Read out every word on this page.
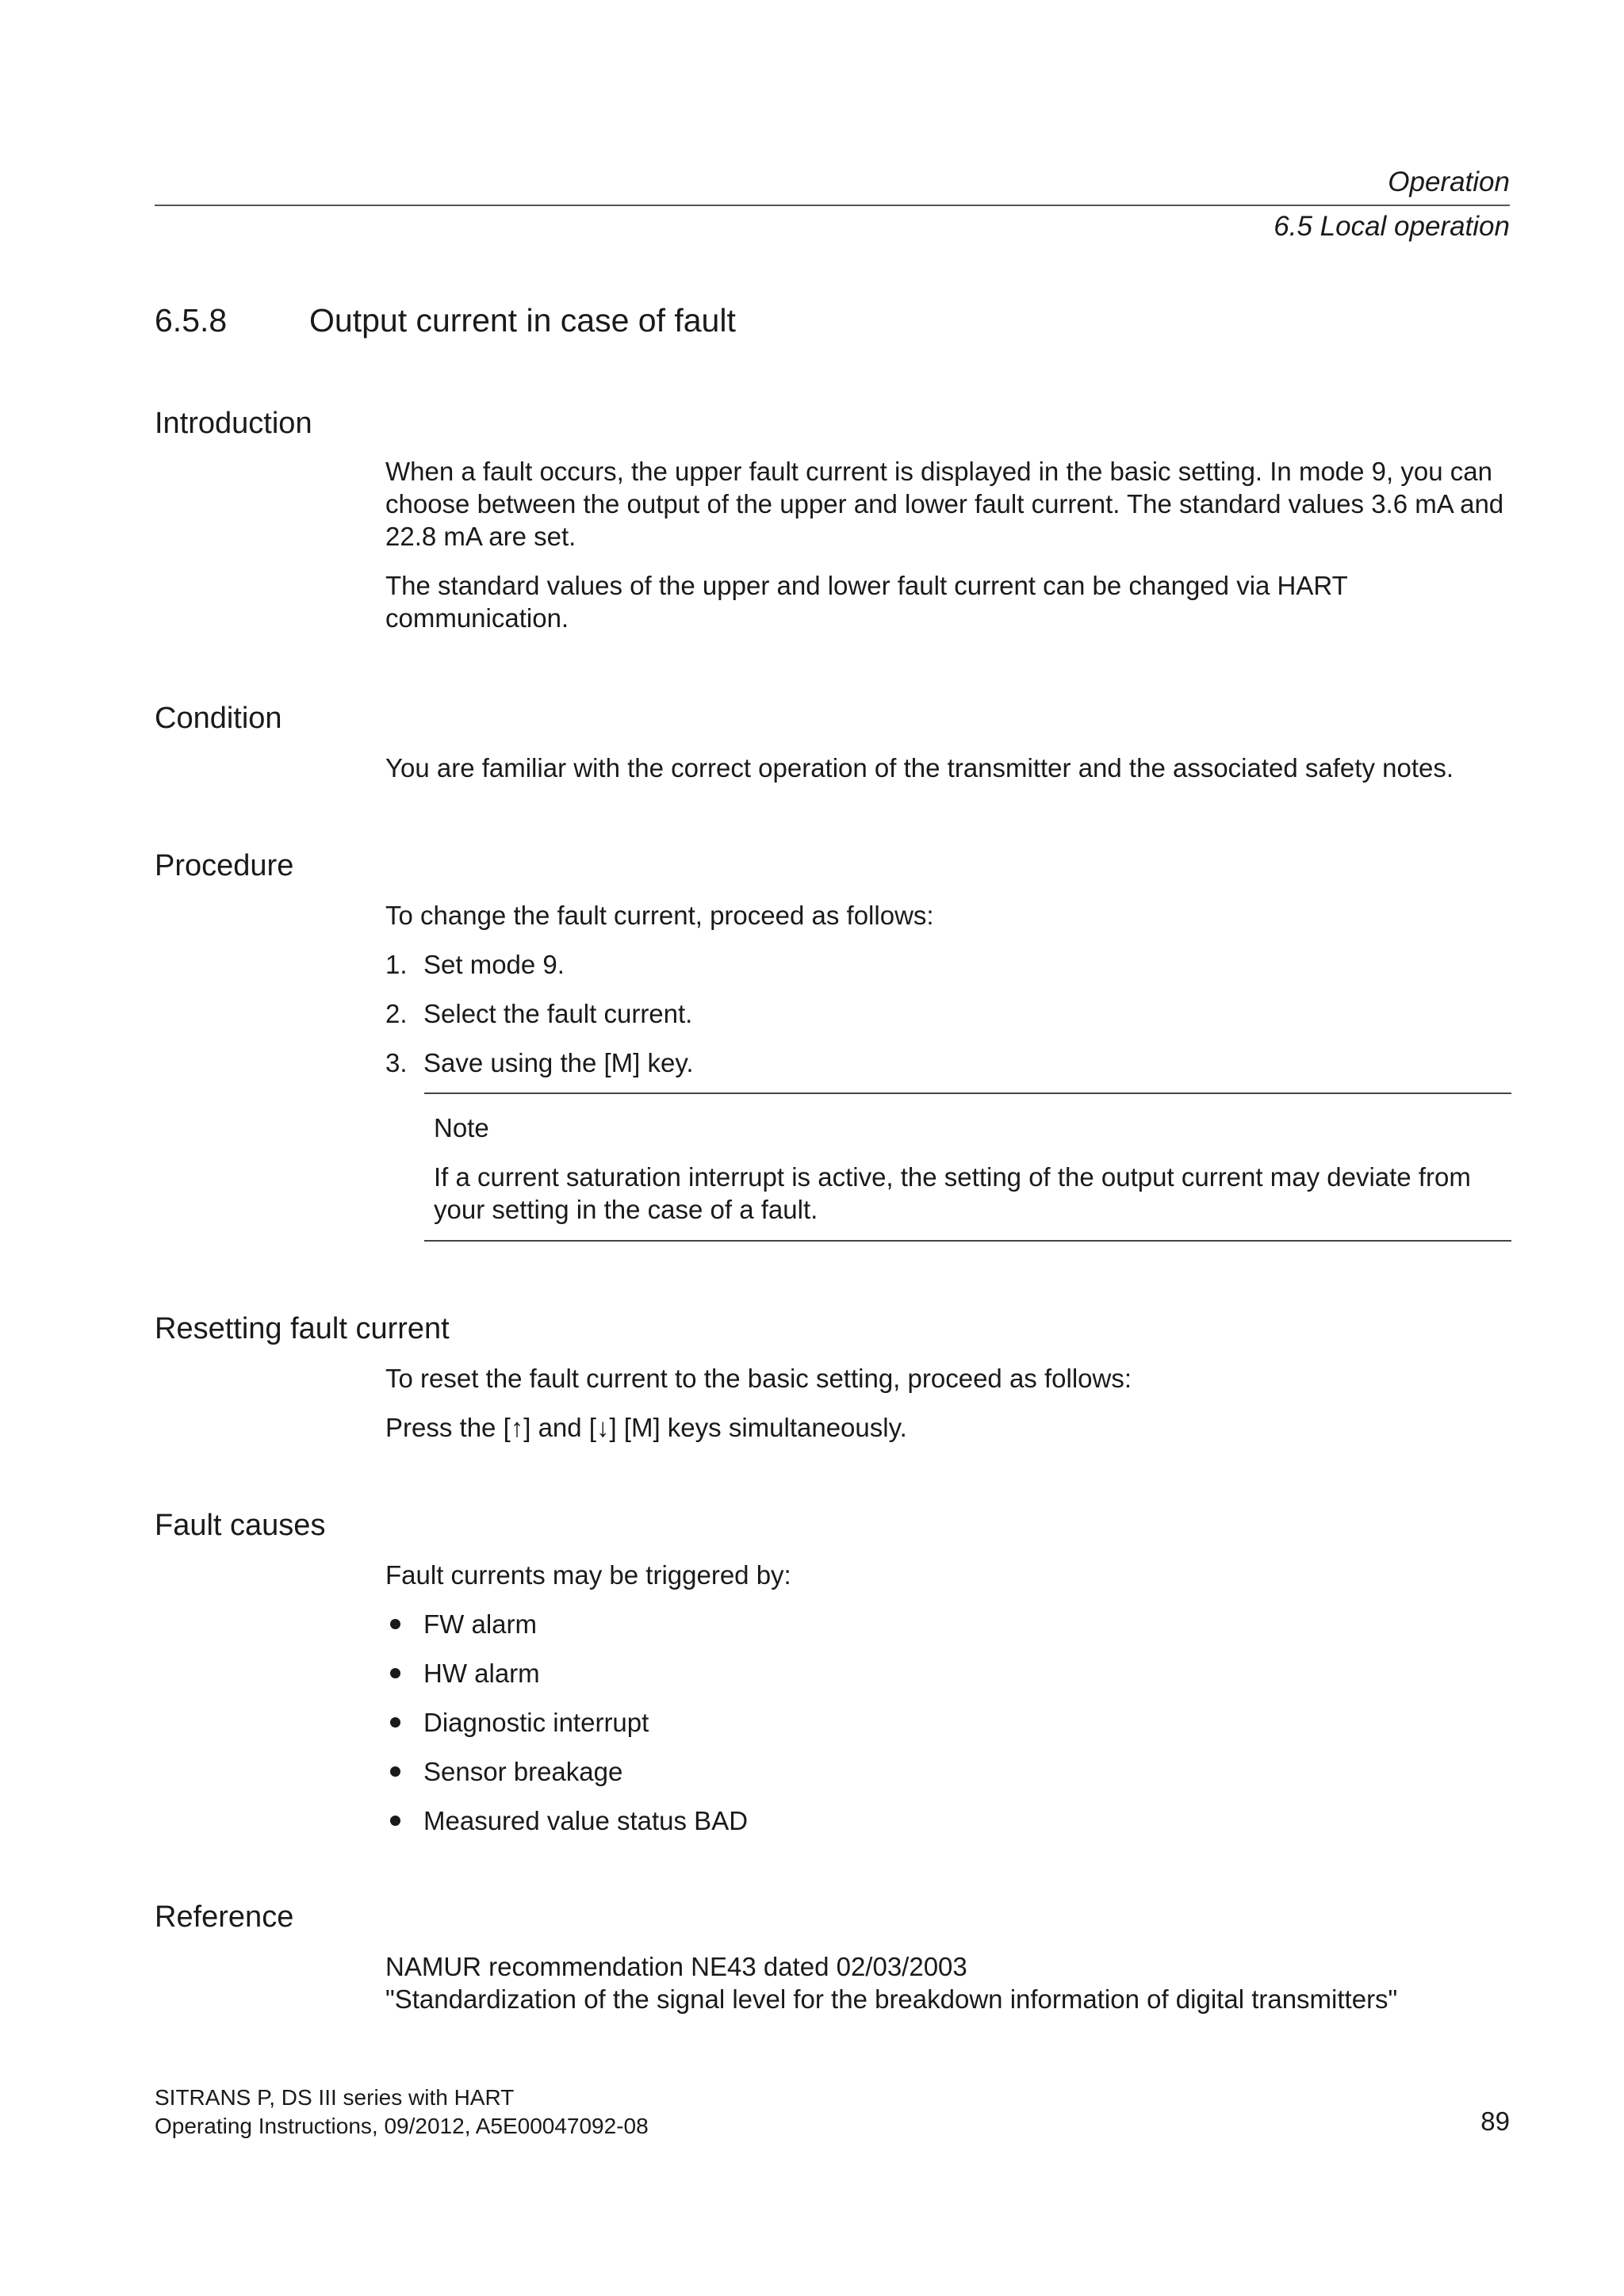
Operation
6.5 Local operation
6.5.8	Output current in case of fault
Introduction

When a fault occurs, the upper fault current is displayed in the basic setting. In mode 9, you can choose between the output of the upper and lower fault current. The standard values 3.6 mA and 22.8 mA are set.

The standard values of the upper and lower fault current can be changed via HART communication.

Condition

You are familiar with the correct operation of the transmitter and the associated safety notes.

Procedure

To change the fault current, proceed as follows:

1. Set mode 9.
2. Select the fault current.
3. Save using the [M] key.
Note
If a current saturation interrupt is active, the setting of the output current may deviate from your setting in the case of a fault.
Resetting fault current

To reset the fault current to the basic setting, proceed as follows:

Press the [↑] and [↓] [M] keys simultaneously.

Fault causes

Fault currents may be triggered by:

FW alarm
HW alarm
Diagnostic interrupt
Sensor breakage
Measured value status BAD
Reference
NAMUR recommendation NE43 dated 02/03/2003
"Standardization of the signal level for the breakdown information of digital transmitters"
SITRANS P, DS III series with HART
Operating Instructions, 09/2012, A5E00047092-08	89
